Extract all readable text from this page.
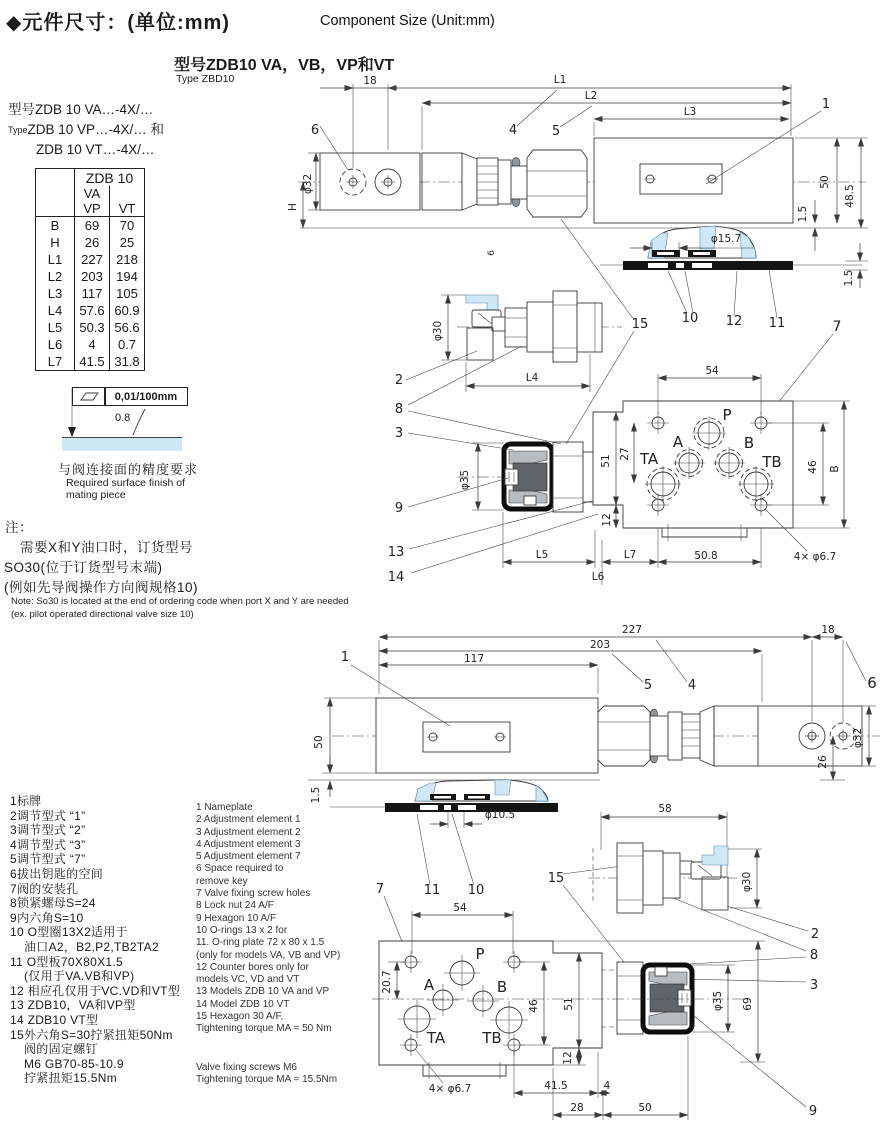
18	L1
L2
L3
6	4	5
1
φ32
H
50
48.5
1.5
6
φ15.7
1.5
10 12 11	7
φ30
2	L4
8
3
15
φ35
9
13
14
51
27
12
54
P
A	B
TA	TB 46 B
L5	L7	50.8
L6
4× φ6.7
227
203
117
18
1
5	4	6
50
1.5
φ32
26
φ10.5	58
7	11 10
15	φ30
2
8
3
9
54
20.7
46 51
12
P
A	B
TA TB
φ35 69
4× φ6.7	41.5	4
28	50
◆元件尺寸：(单位:mm)	Component Size (Unit:mm)
型号ZDB10 VA，VB，VP和VT
Type ZBD10
型号ZDB 10 VA…-4X/…
$^{Type}$ZDB 10 VP…-4X/… 和
ZDB 10 VT…-4X/…
	ZDB 10	

	VA
VP	VT
B	69	70
H	26	25
L1	227	218
L2	203	194
L3	117	105
L4	57.6	60.9
L5	50.3	56.6
L6	4	0.7
L7	41.5	31.8
0,01/100mm
0.8
与阀连接面的精度要求
Required surface finish of
mating piece
注：
需要X和Y油口时，订货型号
SO30(位于订货型号末端)
(例如先导阀操作方向阀规格10)
Note: So30 is located at the end of ordering code when port X and Y are needed
(ex. pilot operated directional valve size 10)
1标牌
2调节型式 “1”
3调节型式 “2”
4调节型式 “3”
5调节型式 “7”
6拔出钥匙的空间
7阀的安装孔
8锁紧螺母S=24
9内六角S=10
10 O型圈13X2适用于
油口A2，B2,P2,TB2TA2
11 O型板70X80X1.5
(仅用于VA.VB和VP)
12 相应孔仅用于VC.VD和VT型
13 ZDB10，VA和VP型
14 ZDB10 VT型
15外六角S=30拧紧扭矩50Nm
阀的固定螺钉
M6 GB70-85-10.9
拧紧扭矩15.5Nm
1 Nameplate
2 Adjustment element 1
3 Adjustment element 2
4 Adjustment element 3
5 Adjustment element 7
6 Space required to
remove key
7 Valve fixing screw holes
8 Lock nut 24 A/F
9 Hexagon 10 A/F
10 O-rings 13 x 2 for
11. O-ring plate 72 x 80 x 1.5
(only for models VA, VB and VP)
12 Counter bores only for
models VC, VD and VT
13 Models ZDB 10 VA and VP
14 Model ZDB 10 VT
15 Hexagon 30 A/F,
Tightening torque MA = 50 Nm
Valve fixing screws M6
Tightening torque MA = 15.5Nm
